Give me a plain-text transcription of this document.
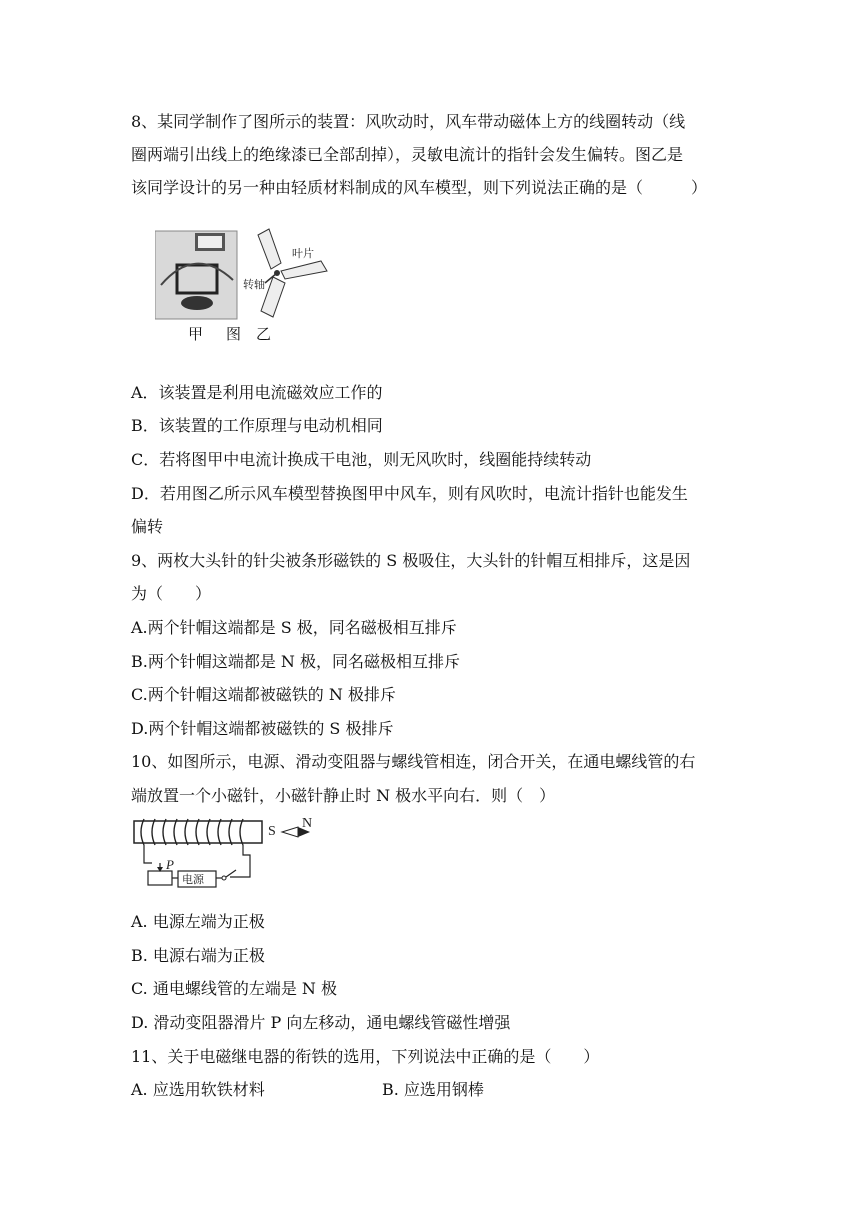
8、某同学制作了图所示的装置：风吹动时，风车带动磁体上方的线圈转动（线
圈两端引出线上的绝缘漆已全部刮掉），灵敏电流计的指针会发生偏转。图乙是
该同学设计的另一种由轻质材料制成的风车模型，则下列说法正确的是（　　　）
叶片
转轴
甲 图 乙
A．该装置是利用电流磁效应工作的
B．该装置的工作原理与电动机相同
C．若将图甲中电流计换成干电池，则无风吹时，线圈能持续转动
D．若用图乙所示风车模型替换图甲中风车，则有风吹时，电流计指针也能发生
偏转
9、两枚大头针的针尖被条形磁铁的 S 极吸住，大头针的针帽互相排斥，这是因
为（　　）
A.两个针帽这端都是 S 极，同名磁极相互排斥
B.两个针帽这端都是 N 极，同名磁极相互排斥
C.两个针帽这端都被磁铁的 N 极排斥
D.两个针帽这端都被磁铁的 S 极排斥
10、如图所示，电源、滑动变阻器与螺线管相连，闭合开关，在通电螺线管的右
端放置一个小磁针，小磁针静止时 N 极水平向右．则（　）
S
N
P
电源
A. 电源左端为正极
B. 电源右端为正极
C. 通电螺线管的左端是 N 极
D. 滑动变阻器滑片 P 向左移动，通电螺线管磁性增强
11、关于电磁继电器的衔铁的选用，下列说法中正确的是（　　）
A. 应选用软铁材料	B. 应选用钢棒
